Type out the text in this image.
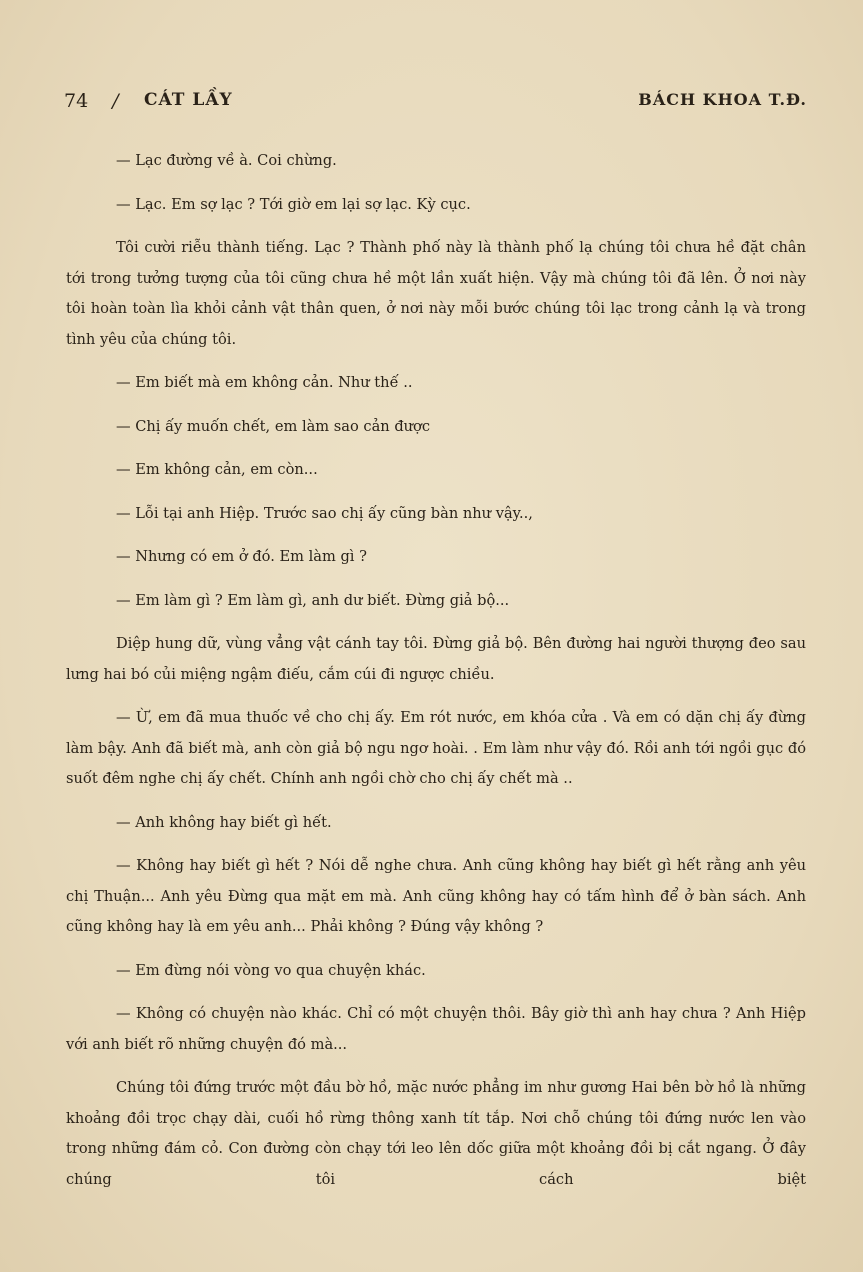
74 / CÁT LẦY	BÁCH KHOA T.Đ.

— Lạc đường về à. Coi chừng.

— Lạc. Em sợ lạc ? Tới giờ em lại sợ lạc. Kỳ cục.

Tôi cười riễu thành tiếng. Lạc ? Thành phố này là thành phố lạ chúng tôi chưa hề đặt chân tới trong tưởng tượng của tôi cũng chưa hề một lần xuất hiện. Vậy mà chúng tôi đã lên. Ở nơi này tôi hoàn toàn lìa khỏi cảnh vật thân quen, ở nơi này mỗi bước chúng tôi lạc trong cảnh lạ và trong tình yêu của chúng tôi.

— Em biết mà em không cản. Như thế ..

— Chị ấy muốn chết, em làm sao cản được

— Em không cản, em còn...

— Lỗi tại anh Hiệp. Trước sao chị ấy cũng bàn như vậy..,

— Nhưng có em ở đó. Em làm gì ?

— Em làm gì ? Em làm gì, anh dư biết. Đừng giả bộ...

Diệp hung dữ, vùng vẳng vật cánh tay tôi. Đừng giả bộ. Bên đường hai người thượng đeo sau lưng hai bó củi miệng ngậm điếu, cắm cúi đi ngược chiều.

— Ừ, em đã mua thuốc về cho chị ấy. Em rót nước, em khóa cửa . Và em có dặn chị ấy đừng làm bậy. Anh đã biết mà, anh còn giả bộ ngu ngơ hoài. . Em làm như vậy đó. Rồi anh tới ngồi gục đó suốt đêm nghe chị ấy chết. Chính anh ngồi chờ cho chị ấy chết mà ..

— Anh không hay biết gì hết.

— Không hay biết gì hết ? Nói dễ nghe chưa. Anh cũng không hay biết gì hết rằng anh yêu chị Thuận... Anh yêu Đừng qua mặt em mà. Anh cũng không hay có tấm hình để ở bàn sách. Anh cũng không hay là em yêu anh... Phải không ? Đúng vậy không ?

— Em đừng nói vòng vo qua chuyện khác.

— Không có chuyện nào khác. Chỉ có một chuyện thôi. Bây giờ thì anh hay chưa ? Anh Hiệp với anh biết rõ những chuyện đó mà...

Chúng tôi đứng trước một đầu bờ hồ, mặc nước phẳng im như gương Hai bên bờ hồ là những khoảng đồi trọc chạy dài, cuối hồ rừng thông xanh tít tắp. Nơi chỗ chúng tôi đứng nước len vào trong những đám cỏ. Con đường còn chạy tới leo lên dốc giữa một khoảng đồi bị cắt ngang. Ở đây chúng tôi cách biệt
